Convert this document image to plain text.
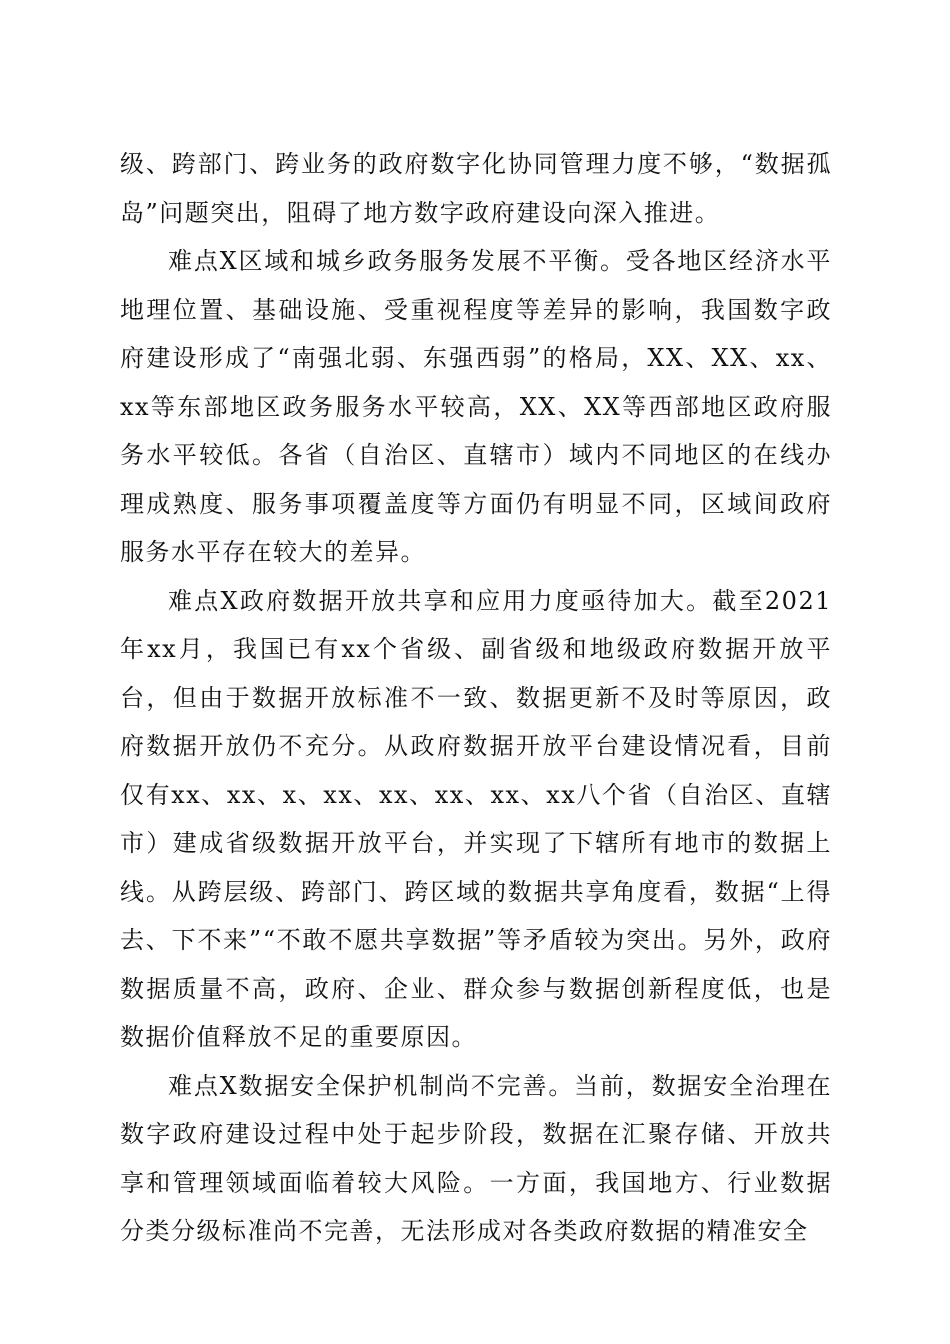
级、跨部门、跨业务的政府数字化协同管理力度不够，“数据孤岛”问题突出，阻碍了地方数字政府建设向深入推进。

难点X区域和城乡政务服务发展不平衡。受各地区经济水平地理位置、基础设施、受重视程度等差异的影响，我国数字政府建设形成了“南强北弱、东强西弱”的格局，XX、XX、xx、xx等东部地区政务服务水平较高，XX、XX等西部地区政府服务水平较低。各省（自治区、直辖市）域内不同地区的在线办理成熟度、服务事项覆盖度等方面仍有明显不同，区域间政府服务水平存在较大的差异。

难点X政府数据开放共享和应用力度亟待加大。截至2021年xx月，我国已有xx个省级、副省级和地级政府数据开放平台，但由于数据开放标准不一致、数据更新不及时等原因，政府数据开放仍不充分。从政府数据开放平台建设情况看，目前仅有xx、xx、x、xx、xx、xx、xx、xx八个省（自治区、直辖市）建成省级数据开放平台，并实现了下辖所有地市的数据上线。从跨层级、跨部门、跨区域的数据共享角度看，数据“上得去、下不来”“不敢不愿共享数据”等矛盾较为突出。另外，政府数据质量不高，政府、企业、群众参与数据创新程度低，也是数据价值释放不足的重要原因。

难点X数据安全保护机制尚不完善。当前，数据安全治理在数字政府建设过程中处于起步阶段，数据在汇聚存储、开放共享和管理领域面临着较大风险。一方面，我国地方、行业数据分类分级标准尚不完善，无法形成对各类政府数据的精准安全
